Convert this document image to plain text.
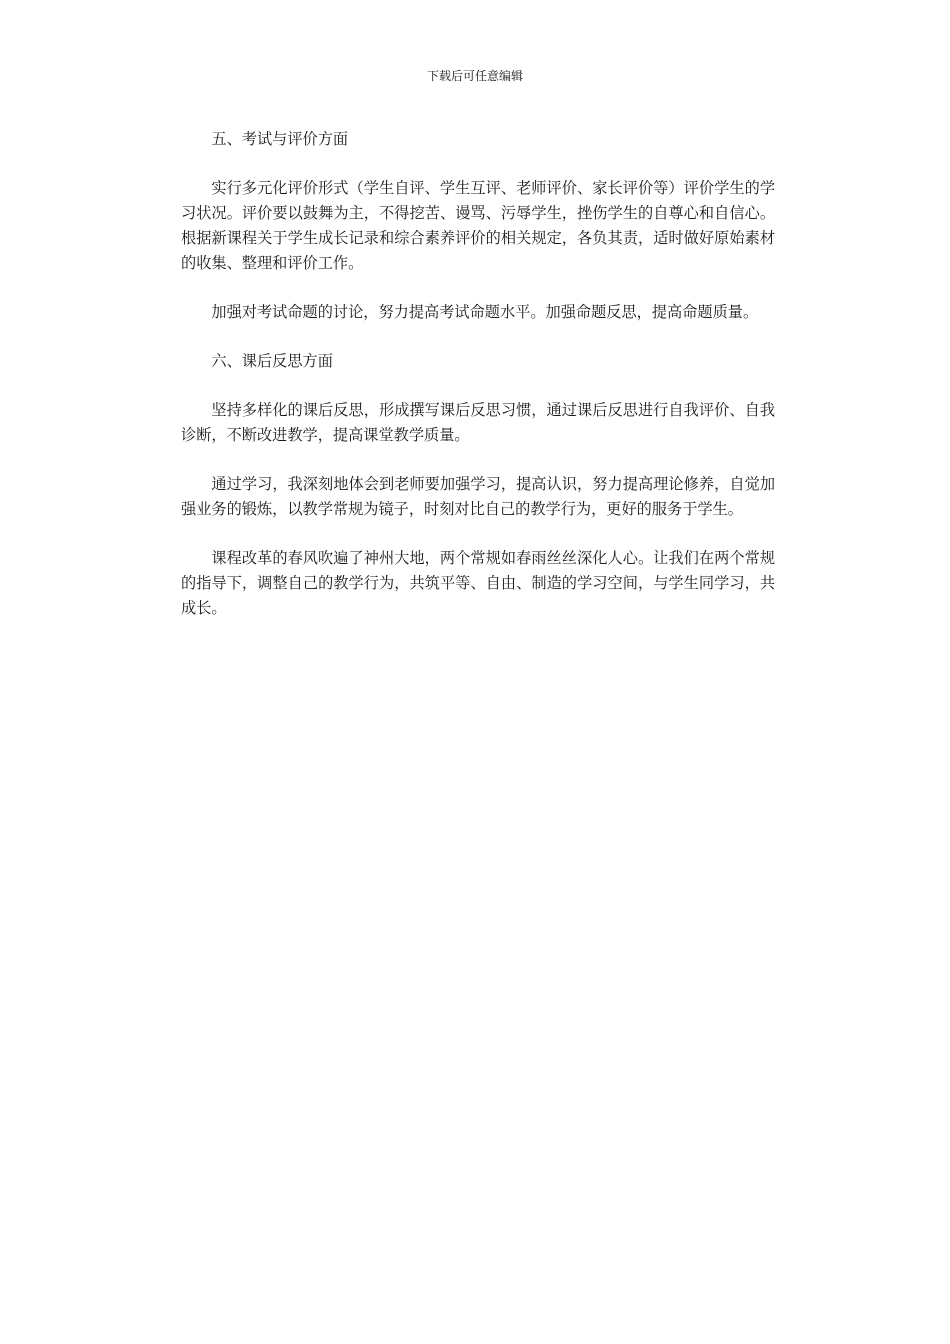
下载后可任意编辑

五、考试与评价方面

实行多元化评价形式（学生自评、学生互评、老师评价、家长评价等）评价学生的学习状况。评价要以鼓舞为主，不得挖苦、谩骂、污辱学生，挫伤学生的自尊心和自信心。根据新课程关于学生成长记录和综合素养评价的相关规定，各负其责，适时做好原始素材的收集、整理和评价工作。

加强对考试命题的讨论，努力提高考试命题水平。加强命题反思，提高命题质量。

六、课后反思方面

坚持多样化的课后反思，形成撰写课后反思习惯，通过课后反思进行自我评价、自我诊断，不断改进教学，提高课堂教学质量。

通过学习，我深刻地体会到老师要加强学习，提高认识，努力提高理论修养，自觉加强业务的锻炼，以教学常规为镜子，时刻对比自己的教学行为，更好的服务于学生。

课程改革的春风吹遍了神州大地，两个常规如春雨丝丝深化人心。让我们在两个常规的指导下，调整自己的教学行为，共筑平等、自由、制造的学习空间，与学生同学习，共成长。
